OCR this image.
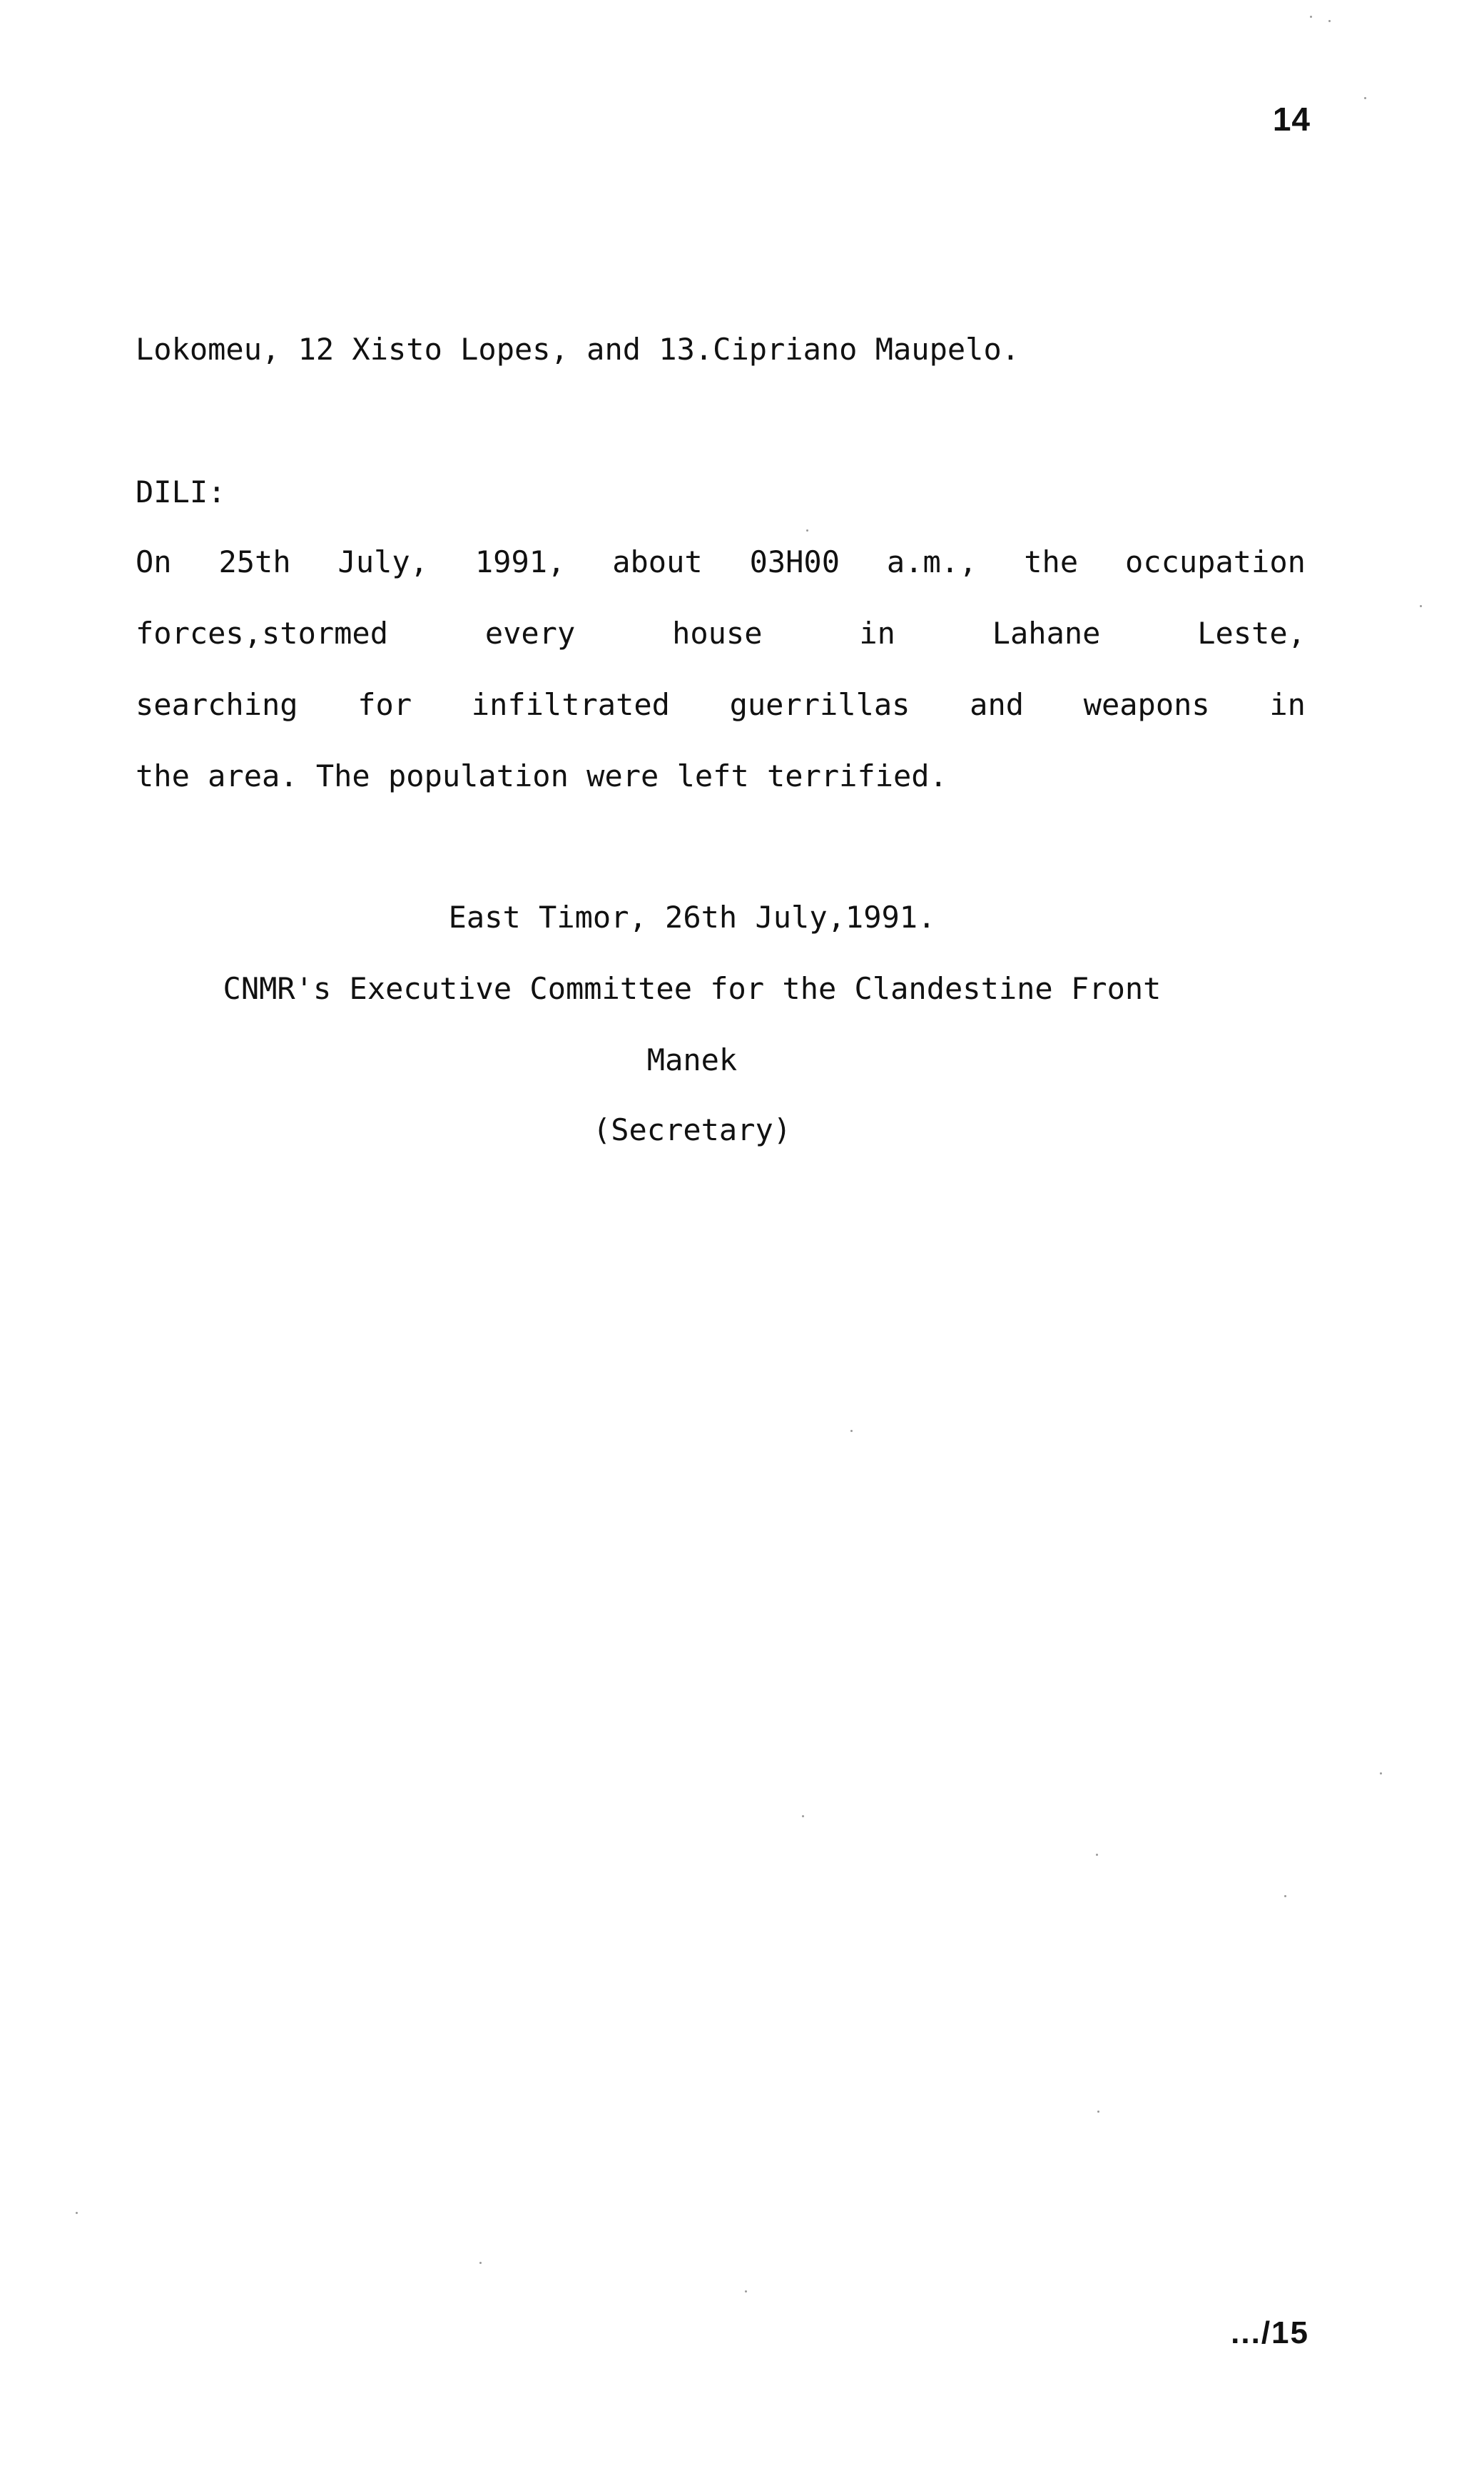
14
Lokomeu, 12 Xisto Lopes, and 13.Cipriano Maupelo.
DILI:
On 25th July, 1991, about 03H00 a.m., the occupation
forces,stormed	every	house	in	Lahane	Leste,
searching for infiltrated guerrillas and weapons in
the area. The population were left terrified.
East Timor, 26th July,1991.
CNMR's Executive Committee for the Clandestine Front
Manek
(Secretary)
.../15
